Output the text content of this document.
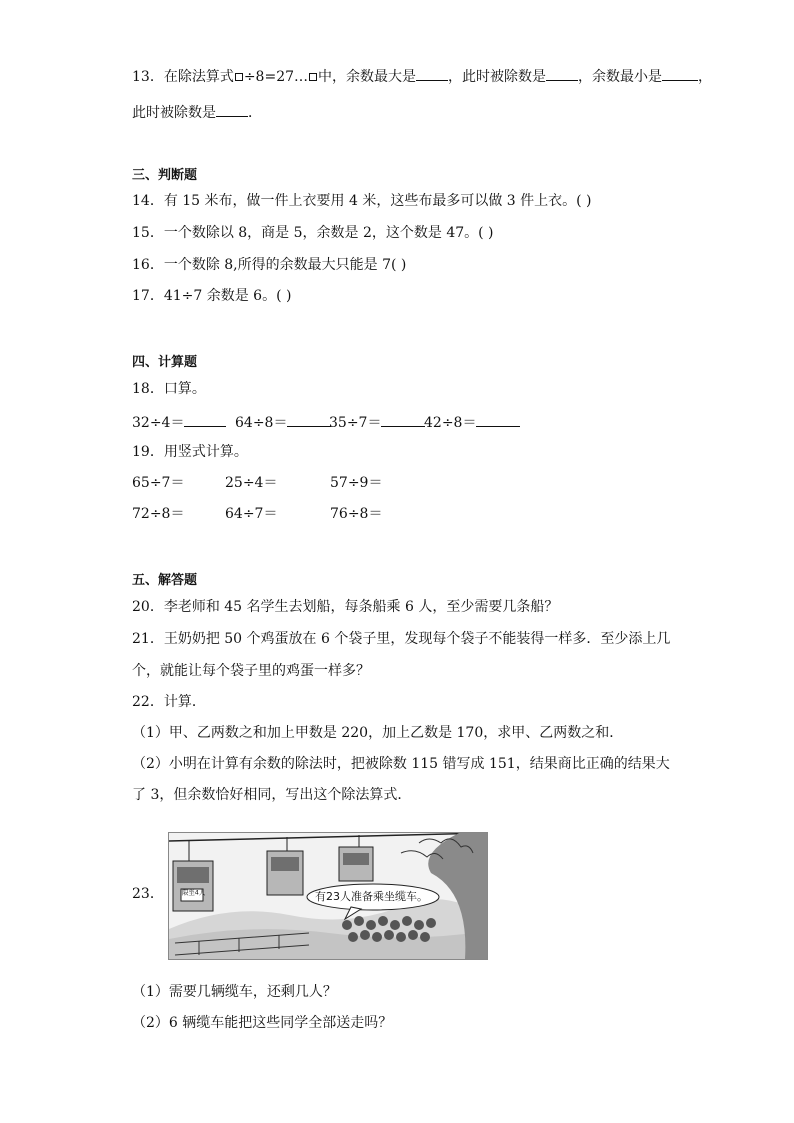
13．在除法算式 ÷8=27… 中，余数最大是 ，此时被除数是 ，余数最小是	，
此时被除数是 ．
三、判断题
14．有 15 米布，做一件上衣要用 4 米，这些布最多可以做 3 件上衣。( )
15．一个数除以 8，商是 5，余数是 2，这个数是 47。( )
16．一个数除 8,所得的余数最大只能是 7( )
17．41÷7 余数是 6。( )
四、计算题
18．口算。
32÷4＝	64÷8＝	35÷7＝	42÷8＝
19．用竖式计算。
65÷7＝	25÷4＝	57÷9＝
72÷8＝	64÷7＝	76÷8＝
五、解答题
20．李老师和 45 名学生去划船，每条船乘 6 人，至少需要几条船？
21．王奶奶把 50 个鸡蛋放在 6 个袋子里，发现每个袋子不能装得一样多．至少添上几
个，就能让每个袋子里的鸡蛋一样多？
22．计算．
（1）甲、乙两数之和加上甲数是 220，加上乙数是 170，求甲、乙两数之和．
（2）小明在计算有余数的除法时，把被除数 115 错写成 151，结果商比正确的结果大
了 3，但余数恰好相同，写出这个除法算式．
23． 限坐4人	有23人准备乘坐缆车。
（1）需要几辆缆车，还剩几人？
（2）6 辆缆车能把这些同学全部送走吗？
